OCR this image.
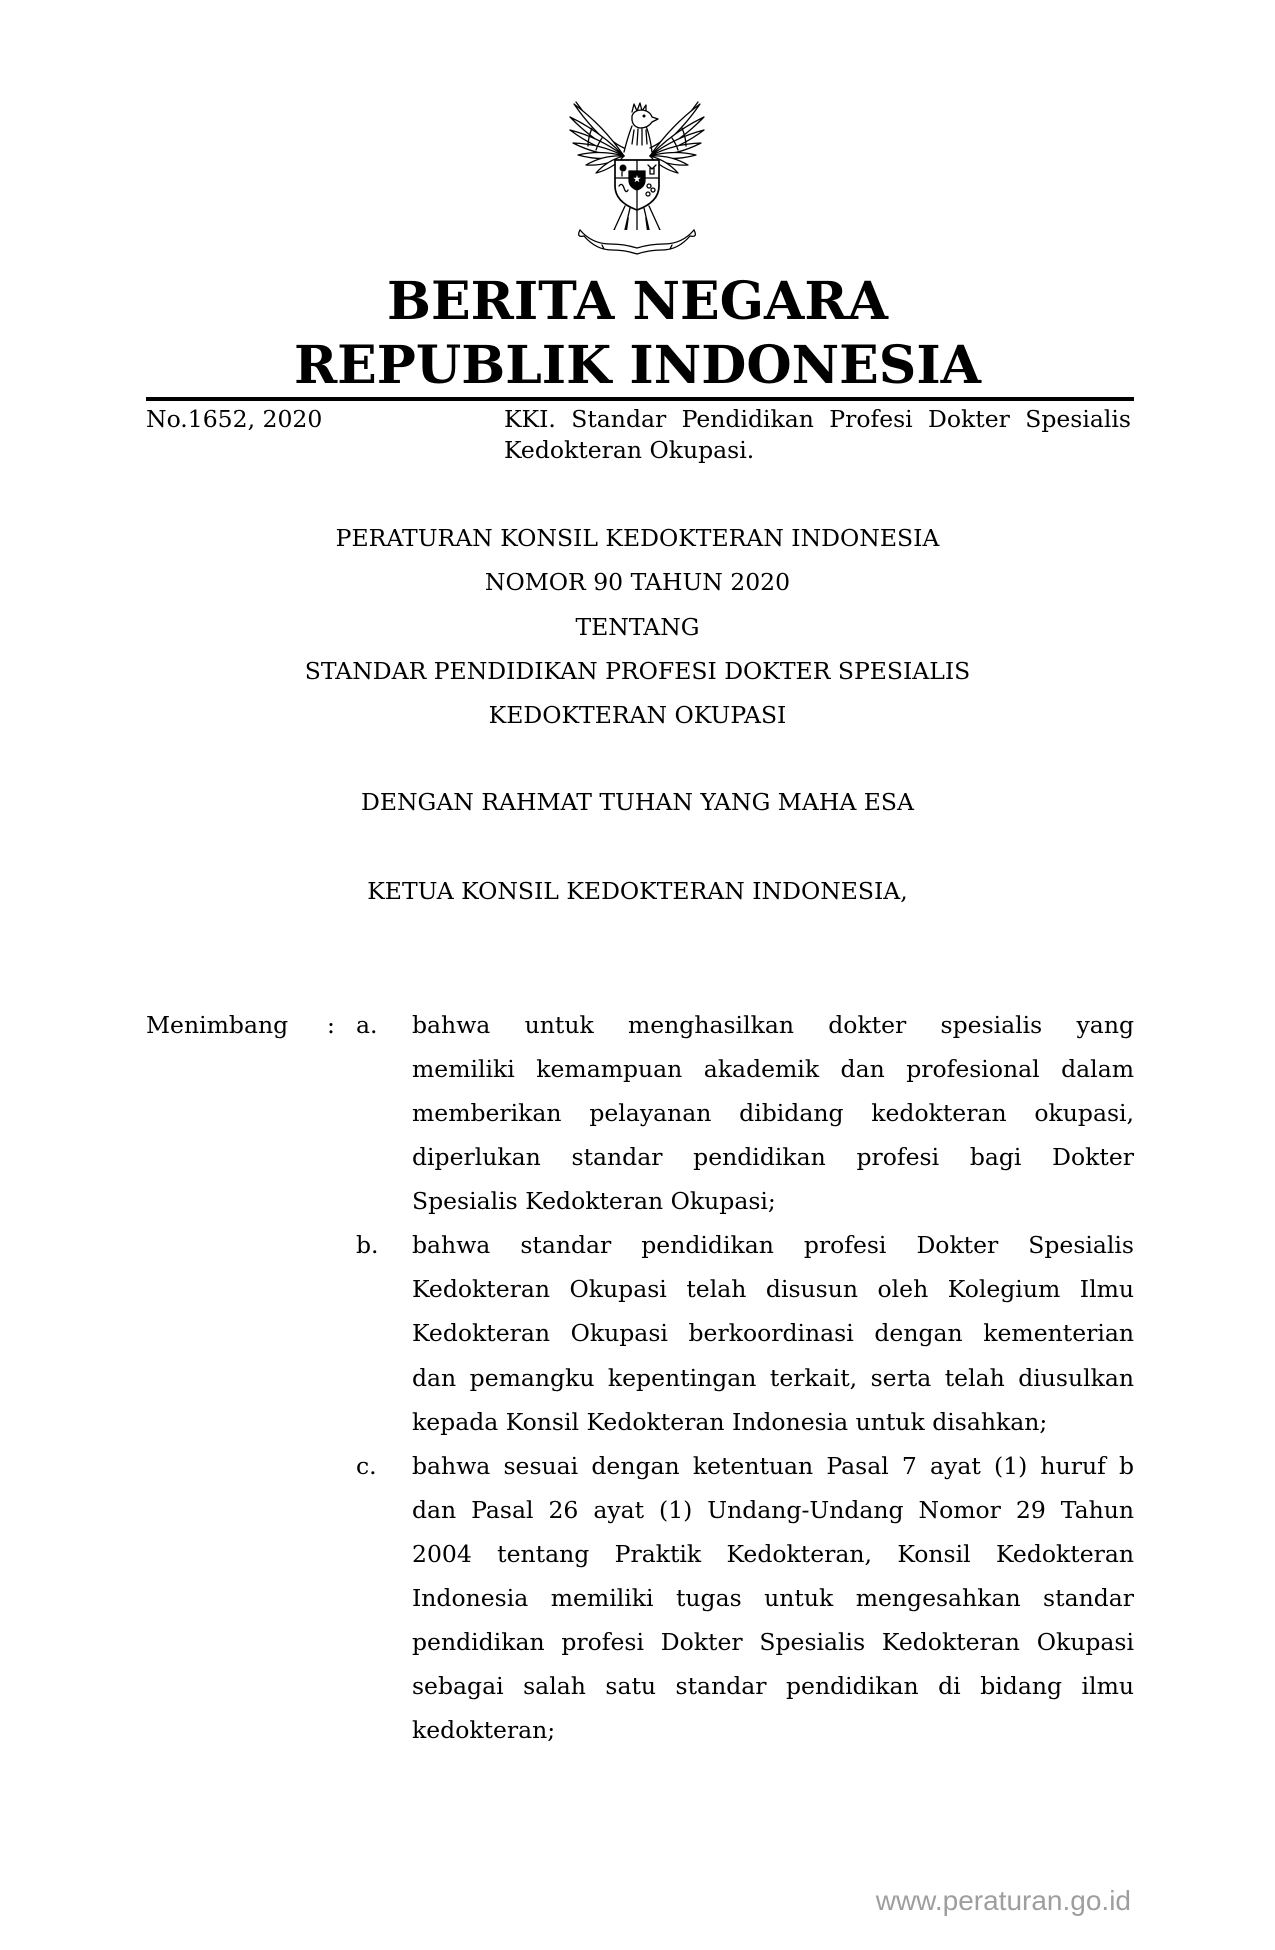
BERITA NEGARA
REPUBLIK INDONESIA
No.1652, 2020	KKI. Standar Pendidikan Profesi Dokter Spesialis
Kedokteran Okupasi.
PERATURAN KONSIL KEDOKTERAN INDONESIA
NOMOR 90 TAHUN 2020
TENTANG
STANDAR PENDIDIKAN PROFESI DOKTER SPESIALIS
KEDOKTERAN OKUPASI
DENGAN RAHMAT TUHAN YANG MAHA ESA
KETUA KONSIL KEDOKTERAN INDONESIA,
Menimbang : a.	bahwa untuk menghasilkan dokter spesialis yang
memiliki kemampuan akademik dan profesional dalam
memberikan pelayanan dibidang kedokteran okupasi,
diperlukan standar pendidikan profesi bagi Dokter
Spesialis Kedokteran Okupasi;
b.	bahwa standar pendidikan profesi Dokter Spesialis
Kedokteran Okupasi telah disusun oleh Kolegium Ilmu
Kedokteran Okupasi berkoordinasi dengan kementerian
dan pemangku kepentingan terkait, serta telah diusulkan
kepada Konsil Kedokteran Indonesia untuk disahkan;
c.	bahwa sesuai dengan ketentuan Pasal 7 ayat (1) huruf b
dan Pasal 26 ayat (1) Undang-Undang Nomor 29 Tahun
2004 tentang Praktik Kedokteran, Konsil Kedokteran
Indonesia memiliki tugas untuk mengesahkan standar
pendidikan profesi Dokter Spesialis Kedokteran Okupasi
sebagai salah satu standar pendidikan di bidang ilmu
kedokteran;
www.peraturan.go.id
